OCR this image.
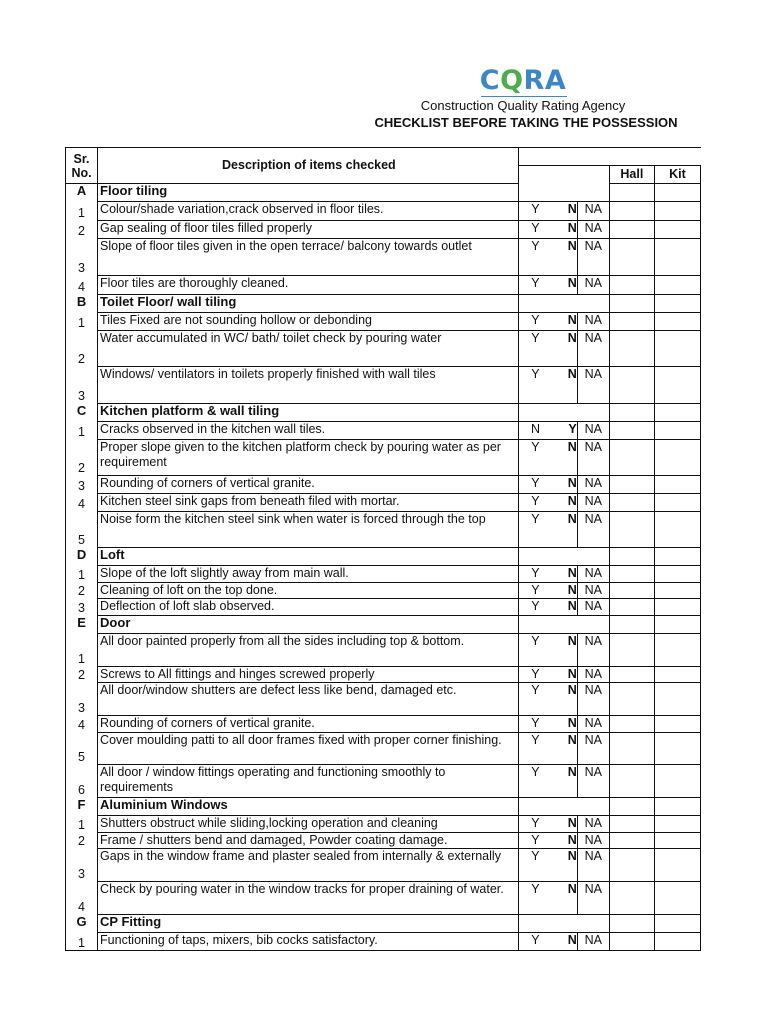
CQRA
Construction Quality Rating Agency
CHECKLIST BEFORE TAKING THE POSSESSION
Sr.
No.	Description of items checked					
					Hall	Kit
A	Floor tiling					
1	Colour/shade variation,crack observed in floor tiles.	Y	N	NA		
2	Gap sealing of floor tiles filled properly	Y	N	NA		
3	Slope of floor tiles given in the open terrace/ balcony towards outlet	Y	N	NA		
4	Floor tiles are thoroughly cleaned.	Y	N	NA		
B	Toilet Floor/ wall tiling					
1	Tiles Fixed are not sounding hollow or debonding	Y	N	NA		
2	Water accumulated in WC/ bath/ toilet check by pouring water	Y	N	NA		
3	Windows/ ventilators in toilets properly finished with wall tiles	Y	N	NA		
C	Kitchen platform & wall tiling					
1	Cracks observed in the kitchen wall tiles.	N	Y	NA		
2	Proper slope given to the kitchen platform check by pouring water as per requirement	Y	N	NA		
3	Rounding of corners of vertical granite.	Y	N	NA		
4	Kitchen steel sink gaps from beneath filed with mortar.	Y	N	NA		
5	Noise form the kitchen steel sink when water is forced through the top	Y	N	NA		
D	Loft					
1	Slope of the loft slightly away from main wall.	Y	N	NA		
2	Cleaning of loft on the top done.	Y	N	NA		
3	Deflection of loft slab observed.	Y	N	NA		
E	Door					
1	All door painted properly from all the sides including top & bottom.	Y	N	NA		
2	Screws to All fittings and hinges screwed properly	Y	N	NA		
3	All door/window shutters are defect less like bend, damaged etc.	Y	N	NA		
4	Rounding of corners of vertical granite.	Y	N	NA		
5	Cover moulding patti to all door frames fixed with proper corner finishing.	Y	N	NA		
6	All door / window fittings operating and functioning smoothly to requirements	Y	N	NA		
F	Aluminium Windows					
1	Shutters obstruct while sliding,locking operation and cleaning	Y	N	NA		
2	Frame / shutters bend and damaged, Powder coating damage.	Y	N	NA		
3	Gaps in the window frame and plaster sealed from internally & externally	Y	N	NA		
4	Check by pouring water in the window tracks for proper draining of water.	Y	N	NA		
G	CP Fitting					
1	Functioning of taps, mixers, bib cocks satisfactory.	Y	N	NA		
